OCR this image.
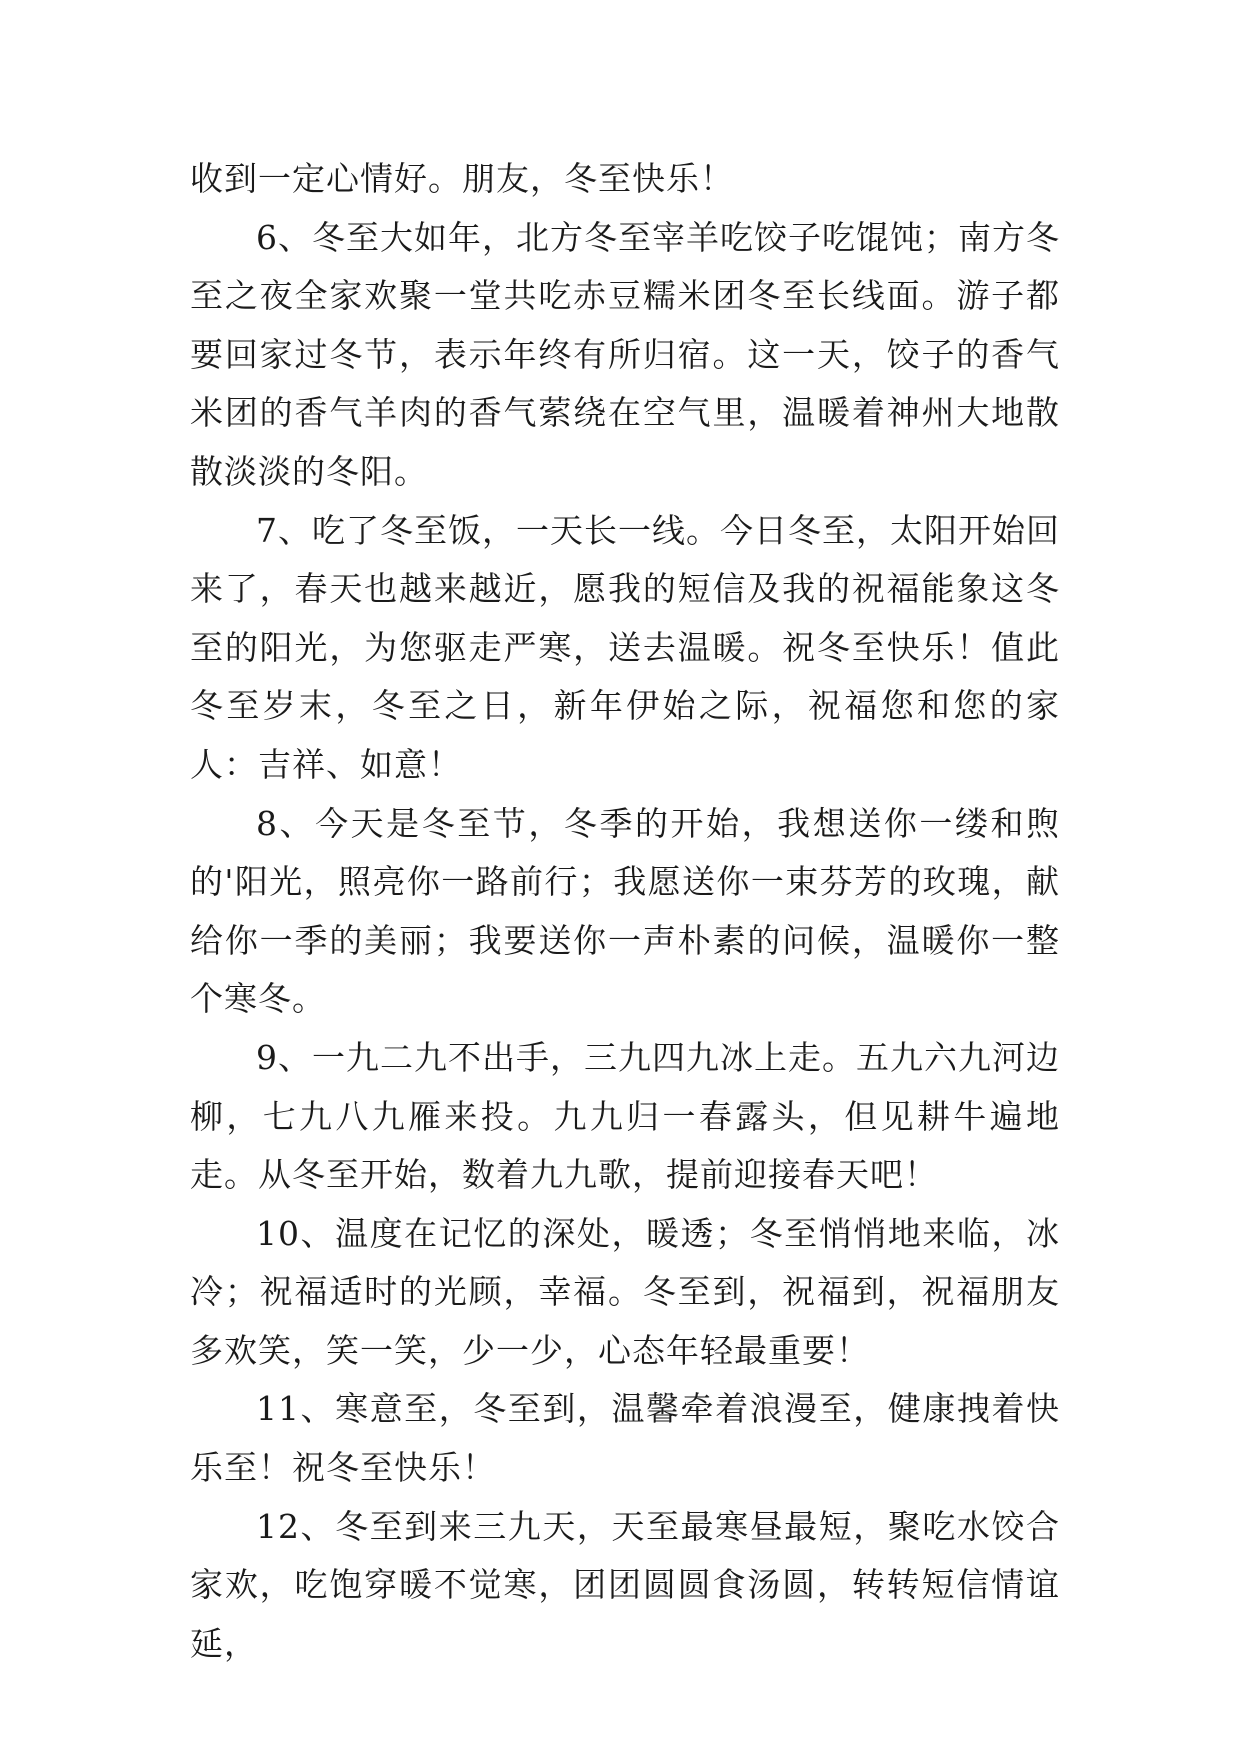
收到一定心情好。朋友，冬至快乐！

6、冬至大如年，北方冬至宰羊吃饺子吃馄饨；南方冬至之夜全家欢聚一堂共吃赤豆糯米团冬至长线面。游子都要回家过冬节，表示年终有所归宿。这一天，饺子的香气米团的香气羊肉的香气萦绕在空气里，温暖着神州大地散散淡淡的冬阳。

7、吃了冬至饭，一天长一线。今日冬至，太阳开始回来了，春天也越来越近，愿我的短信及我的祝福能象这冬至的阳光，为您驱走严寒，送去温暖。祝冬至快乐！值此冬至岁末，冬至之日，新年伊始之际，祝福您和您的家人：吉祥、如意！

8、今天是冬至节，冬季的开始，我想送你一缕和煦的'阳光，照亮你一路前行；我愿送你一束芬芳的玫瑰，献给你一季的美丽；我要送你一声朴素的问候，温暖你一整个寒冬。

9、一九二九不出手，三九四九冰上走。五九六九河边柳，七九八九雁来投。九九归一春露头，但见耕牛遍地走。从冬至开始，数着九九歌，提前迎接春天吧！

10、温度在记忆的深处，暖透；冬至悄悄地来临，冰冷；祝福适时的光顾，幸福。冬至到，祝福到，祝福朋友多欢笑，笑一笑，少一少，心态年轻最重要！

11、寒意至，冬至到，温馨牵着浪漫至，健康拽着快乐至！祝冬至快乐！

12、冬至到来三九天，天至最寒昼最短，聚吃水饺合家欢，吃饱穿暖不觉寒，团团圆圆食汤圆，转转短信情谊延，
